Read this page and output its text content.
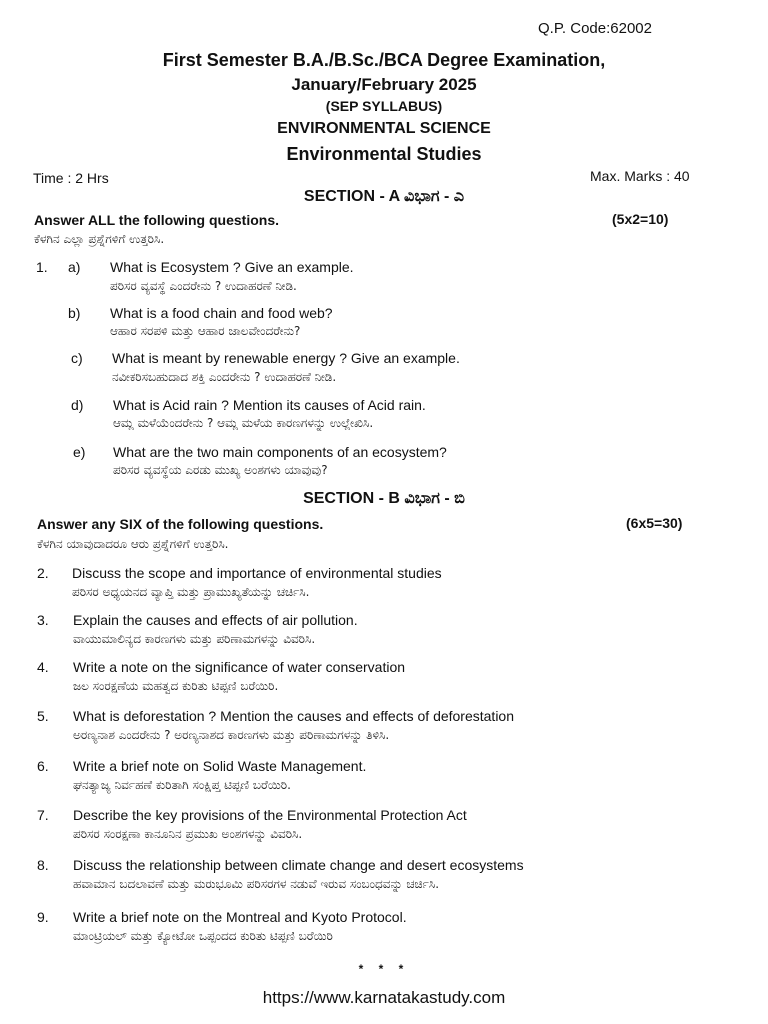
Q.P. Code:62002
First Semester B.A./B.Sc./BCA Degree Examination,
January/February 2025
(SEP SYLLABUS)
ENVIRONMENTAL SCIENCE
Environmental Studies
Time : 2 Hrs	Max. Marks : 40
SECTION - A ವಿಭಾಗ - ಎ
Answer ALL the following questions.	(5x2=10)
ಕೆಳಗಿನ ಎಲ್ಲಾ ಪ್ರಶ್ನೆಗಳಿಗೆ ಉತ್ತರಿಸಿ.
1. a) What is Ecosystem ? Give an example.
ಪರಿಸರ ವ್ಯವಸ್ಥೆ ಎಂದರೇನು ? ಉದಾಹರಣೆ ನೀಡಿ.
b) What is a food chain and food web?
ಆಹಾರ ಸರಪಳಿ ಮತ್ತು ಆಹಾರ ಜಾಲವೇಂದರೇನು?
c) What is meant by renewable energy ? Give an example.
ನವೀಕರಿಸಬಹುದಾದ ಶಕ್ತಿ ಎಂದರೇನು ? ಉದಾಹರಣೆ ನೀಡಿ.
d) What is Acid rain ? Mention its causes of Acid rain.
ಆಮ್ಲ ಮಳೆಯೆಂದರೇನು ? ಆಮ್ಲ ಮಳೆಯ ಕಾರಣಗಳನ್ನು ಉಲ್ಲೇಖಿಸಿ.
e) What are the two main components of an ecosystem?
ಪರಿಸರ ವ್ಯವಸ್ಥೆಯ ಎರಡು ಮುಖ್ಯ ಅಂಶಗಳು ಯಾವುವು?
SECTION - B ವಿಭಾಗ - ಬಿ
Answer any SIX of the following questions.	(6x5=30)
ಕೆಳಗಿನ ಯಾವುದಾದರೂ ಆರು ಪ್ರಶ್ನೆಗಳಿಗೆ ಉತ್ತರಿಸಿ.
2. Discuss the scope and importance of environmental studies
ಪರಿಸರ ಅಧ್ಯಯನದ ವ್ಯಾಪ್ತಿ ಮತ್ತು ಪ್ರಾಮುಖ್ಯತೆಯನ್ನು ಚರ್ಚಿಸಿ.
3. Explain the causes and effects of air pollution.
ವಾಯುಮಾಲಿನ್ಯದ ಕಾರಣಗಳು ಮತ್ತು ಪರಿಣಾಮಗಳನ್ನು ವಿವರಿಸಿ.
4. Write a note on the significance of water conservation
ಜಲ ಸಂರಕ್ಷಣೆಯ ಮಹತ್ವದ ಕುರಿತು ಟಿಪ್ಪಣಿ ಬರೆಯಿರಿ.
5. What is deforestation ? Mention the causes and effects of deforestation
ಅರಣ್ಯನಾಶ ಎಂದರೇನು ? ಅರಣ್ಯನಾಶದ ಕಾರಣಗಳು ಮತ್ತು ಪರಿಣಾಮಗಳನ್ನು ತಿಳಿಸಿ.
6. Write a brief note on Solid Waste Management.
ಘನತ್ಯಾಜ್ಯ ನಿರ್ವಹಣೆ ಕುರಿತಾಗಿ ಸಂಕ್ಷಿಪ್ತ ಟಿಪ್ಪಣಿ ಬರೆಯಿರಿ.
7. Describe the key provisions of the Environmental Protection Act
ಪರಿಸರ ಸಂರಕ್ಷಣಾ ಕಾನೂನಿನ ಪ್ರಮುಖ ಅಂಶಗಳನ್ನು ವಿವರಿಸಿ.
8. Discuss the relationship between climate change and desert ecosystems
ಹವಾಮಾನ ಬದಲಾವಣೆ ಮತ್ತು ಮರುಭೂಮಿ ಪರಿಸರಗಳ ನಡುವೆ ಇರುವ ಸಂಬಂಧವನ್ನು ಚರ್ಚಿಸಿ.
9. Write a brief note on the Montreal and Kyoto Protocol.
ಮಾಂಟ್ರಿಯಲ್ ಮತ್ತು ಕ್ಯೋಟೋ ಒಪ್ಪಂದದ ಕುರಿತು ಟಿಪ್ಪಣಿ ಬರೆಯಿರಿ
* * *
https://www.karnatakastudy.com
